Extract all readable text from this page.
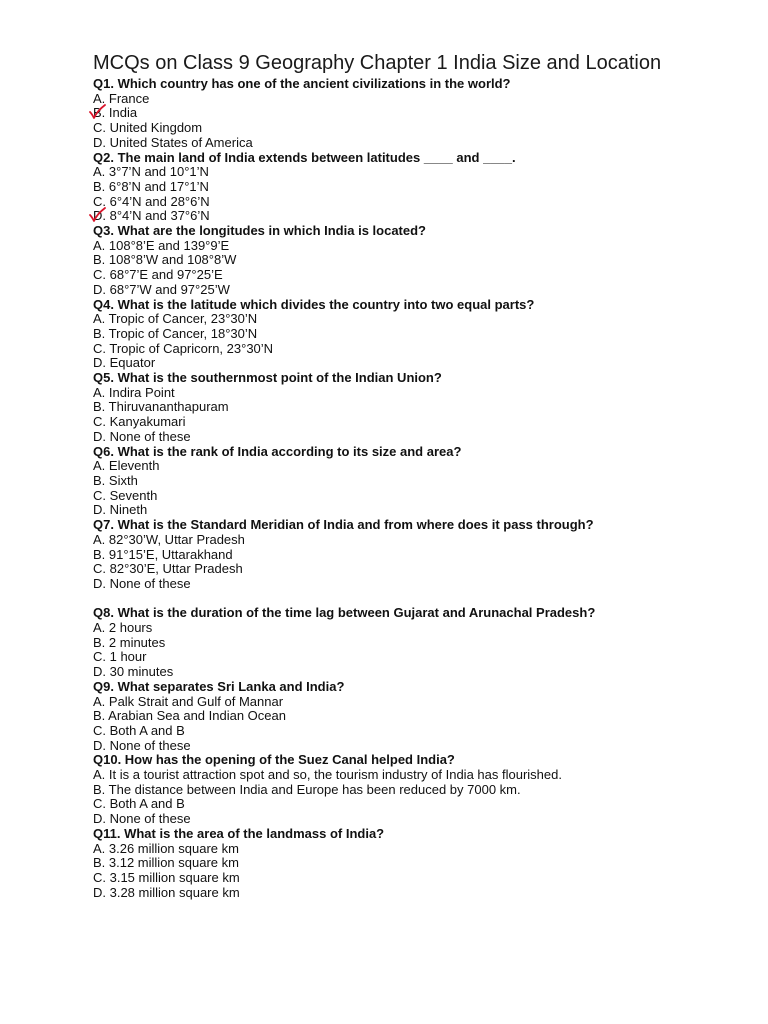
MCQs on Class 9 Geography Chapter 1 India Size and Location
Q1. Which country has one of the ancient civilizations in the world?
A. France
B. India
C. United Kingdom
D. United States of America
Q2. The main land of India extends between latitudes ____ and ____.
A. 3°7’N and 10°1’N
B. 6°8’N and 17°1’N
C. 6°4’N and 28°6’N
D. 8°4’N and 37°6’N
Q3. What are the longitudes in which India is located?
A. 108°8’E and 139°9’E
B. 108°8’W and 108°8’W
C. 68°7’E and 97°25’E
D. 68°7’W and 97°25’W
Q4. What is the latitude which divides the country into two equal parts?
A. Tropic of Cancer, 23°30’N
B. Tropic of Cancer, 18°30’N
C. Tropic of Capricorn, 23°30’N
D. Equator
Q5. What is the southernmost point of the Indian Union?
A. Indira Point
B. Thiruvananthapuram
C. Kanyakumari
D. None of these
Q6. What is the rank of India according to its size and area?
A. Eleventh
B. Sixth
C. Seventh
D. Nineth
Q7. What is the Standard Meridian of India and from where does it pass through?
A. 82°30’W, Uttar Pradesh
B. 91°15’E, Uttarakhand
C. 82°30’E, Uttar Pradesh
D. None of these
Q8. What is the duration of the time lag between Gujarat and Arunachal Pradesh?
A. 2 hours
B. 2 minutes
C. 1 hour
D. 30 minutes
Q9. What separates Sri Lanka and India?
A. Palk Strait and Gulf of Mannar
B. Arabian Sea and Indian Ocean
C. Both A and B
D. None of these
Q10. How has the opening of the Suez Canal helped India?
A. It is a tourist attraction spot and so, the tourism industry of India has flourished.
B. The distance between India and Europe has been reduced by 7000 km.
C. Both A and B
D. None of these
Q11. What is the area of the landmass of India?
A. 3.26 million square km
B. 3.12 million square km
C. 3.15 million square km
D. 3.28 million square km
